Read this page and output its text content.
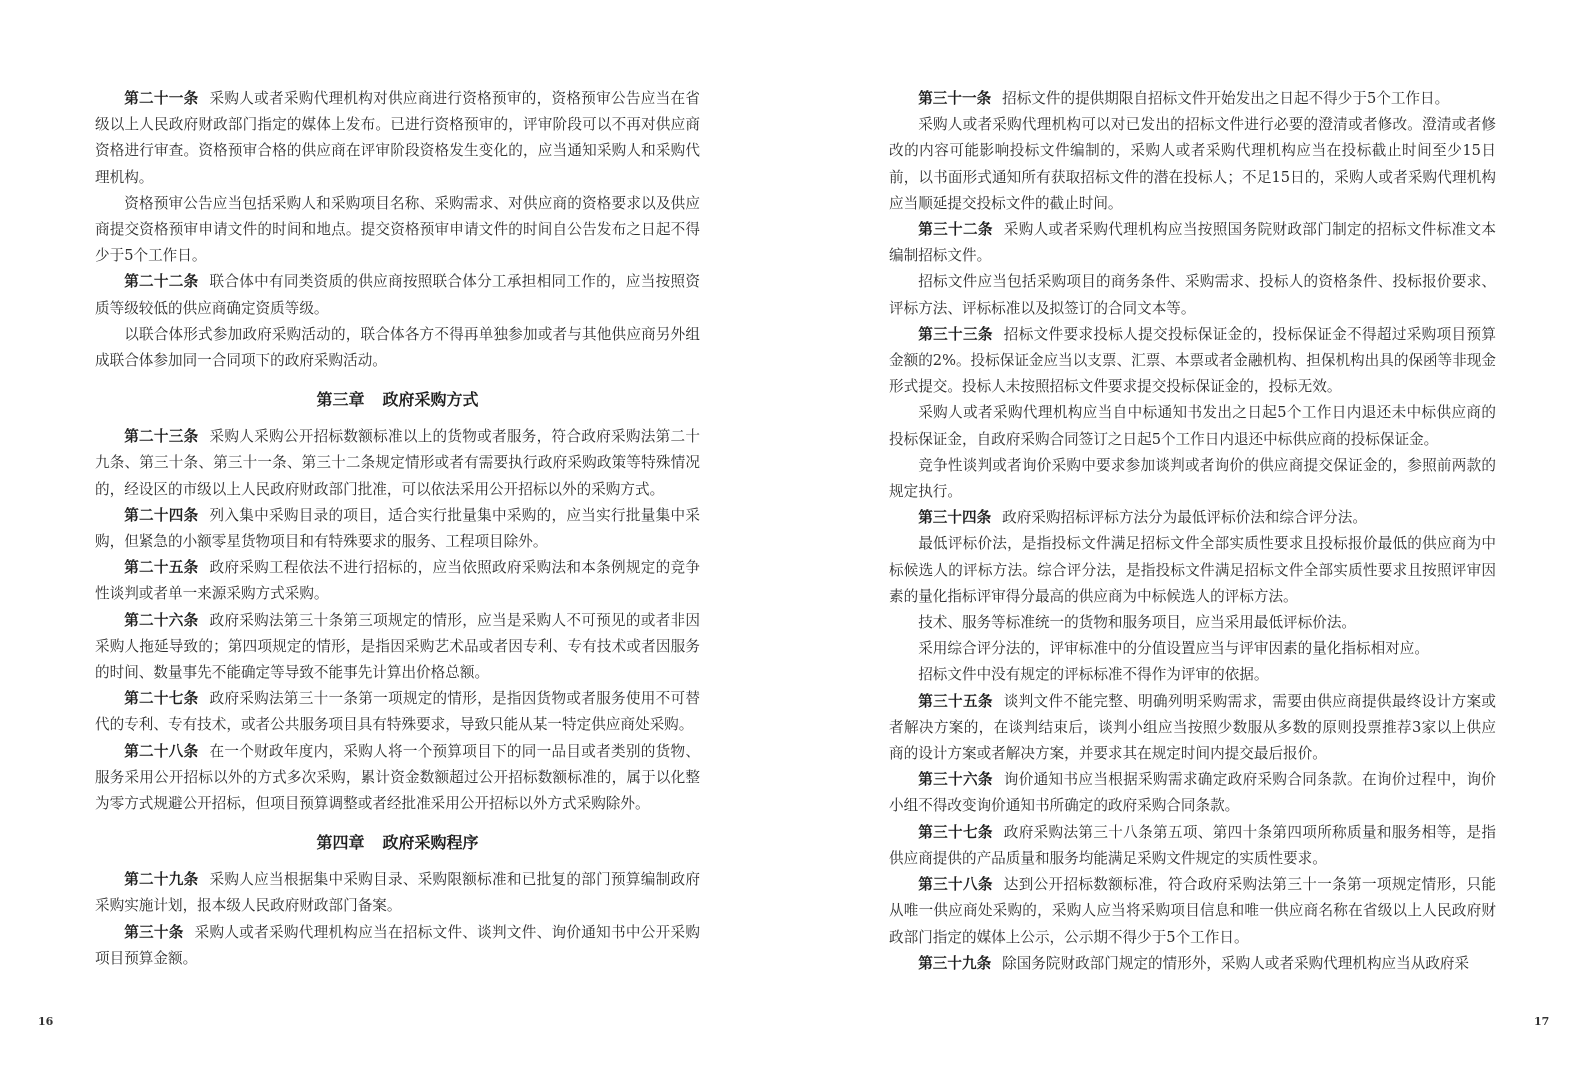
第二十一条 采购人或者采购代理机构对供应商进行资格预审的，资格预审公告应当在省级以上人民政府财政部门指定的媒体上发布。已进行资格预审的，评审阶段可以不再对供应商资格进行审查。资格预审合格的供应商在评审阶段资格发生变化的，应当通知采购人和采购代理机构。

资格预审公告应当包括采购人和采购项目名称、采购需求、对供应商的资格要求以及供应商提交资格预审申请文件的时间和地点。提交资格预审申请文件的时间自公告发布之日起不得少于5个工作日。

第二十二条 联合体中有同类资质的供应商按照联合体分工承担相同工作的，应当按照资质等级较低的供应商确定资质等级。

以联合体形式参加政府采购活动的，联合体各方不得再单独参加或者与其他供应商另外组成联合体参加同一合同项下的政府采购活动。

第三章 政府采购方式

第二十三条 采购人采购公开招标数额标准以上的货物或者服务，符合政府采购法第二十九条、第三十条、第三十一条、第三十二条规定情形或者有需要执行政府采购政策等特殊情况的，经设区的市级以上人民政府财政部门批准，可以依法采用公开招标以外的采购方式。

第二十四条 列入集中采购目录的项目，适合实行批量集中采购的，应当实行批量集中采购，但紧急的小额零星货物项目和有特殊要求的服务、工程项目除外。

第二十五条 政府采购工程依法不进行招标的，应当依照政府采购法和本条例规定的竞争性谈判或者单一来源采购方式采购。

第二十六条 政府采购法第三十条第三项规定的情形，应当是采购人不可预见的或者非因采购人拖延导致的；第四项规定的情形，是指因采购艺术品或者因专利、专有技术或者因服务的时间、数量事先不能确定等导致不能事先计算出价格总额。

第二十七条 政府采购法第三十一条第一项规定的情形，是指因货物或者服务使用不可替代的专利、专有技术，或者公共服务项目具有特殊要求，导致只能从某一特定供应商处采购。

第二十八条 在一个财政年度内，采购人将一个预算项目下的同一品目或者类别的货物、服务采用公开招标以外的方式多次采购，累计资金数额超过公开招标数额标准的，属于以化整为零方式规避公开招标，但项目预算调整或者经批准采用公开招标以外方式采购除外。

第四章 政府采购程序

第二十九条 采购人应当根据集中采购目录、采购限额标准和已批复的部门预算编制政府采购实施计划，报本级人民政府财政部门备案。

第三十条 采购人或者采购代理机构应当在招标文件、谈判文件、询价通知书中公开采购项目预算金额。

16

第三十一条 招标文件的提供期限自招标文件开始发出之日起不得少于5个工作日。

采购人或者采购代理机构可以对已发出的招标文件进行必要的澄清或者修改。澄清或者修改的内容可能影响投标文件编制的，采购人或者采购代理机构应当在投标截止时间至少15日前，以书面形式通知所有获取招标文件的潜在投标人；不足15日的，采购人或者采购代理机构应当顺延提交投标文件的截止时间。

第三十二条 采购人或者采购代理机构应当按照国务院财政部门制定的招标文件标准文本编制招标文件。

招标文件应当包括采购项目的商务条件、采购需求、投标人的资格条件、投标报价要求、评标方法、评标标准以及拟签订的合同文本等。

第三十三条 招标文件要求投标人提交投标保证金的，投标保证金不得超过采购项目预算金额的2%。投标保证金应当以支票、汇票、本票或者金融机构、担保机构出具的保函等非现金形式提交。投标人未按照招标文件要求提交投标保证金的，投标无效。

采购人或者采购代理机构应当自中标通知书发出之日起5个工作日内退还未中标供应商的投标保证金，自政府采购合同签订之日起5个工作日内退还中标供应商的投标保证金。

竞争性谈判或者询价采购中要求参加谈判或者询价的供应商提交保证金的，参照前两款的规定执行。

第三十四条 政府采购招标评标方法分为最低评标价法和综合评分法。

最低评标价法，是指投标文件满足招标文件全部实质性要求且投标报价最低的供应商为中标候选人的评标方法。综合评分法，是指投标文件满足招标文件全部实质性要求且按照评审因素的量化指标评审得分最高的供应商为中标候选人的评标方法。

技术、服务等标准统一的货物和服务项目，应当采用最低评标价法。

采用综合评分法的，评审标准中的分值设置应当与评审因素的量化指标相对应。

招标文件中没有规定的评标标准不得作为评审的依据。

第三十五条 谈判文件不能完整、明确列明采购需求，需要由供应商提供最终设计方案或者解决方案的，在谈判结束后，谈判小组应当按照少数服从多数的原则投票推荐3家以上供应商的设计方案或者解决方案，并要求其在规定时间内提交最后报价。

第三十六条 询价通知书应当根据采购需求确定政府采购合同条款。在询价过程中，询价小组不得改变询价通知书所确定的政府采购合同条款。

第三十七条 政府采购法第三十八条第五项、第四十条第四项所称质量和服务相等，是指供应商提供的产品质量和服务均能满足采购文件规定的实质性要求。

第三十八条 达到公开招标数额标准，符合政府采购法第三十一条第一项规定情形，只能从唯一供应商处采购的，采购人应当将采购项目信息和唯一供应商名称在省级以上人民政府财政部门指定的媒体上公示，公示期不得少于5个工作日。

第三十九条 除国务院财政部门规定的情形外，采购人或者采购代理机构应当从政府采

17
